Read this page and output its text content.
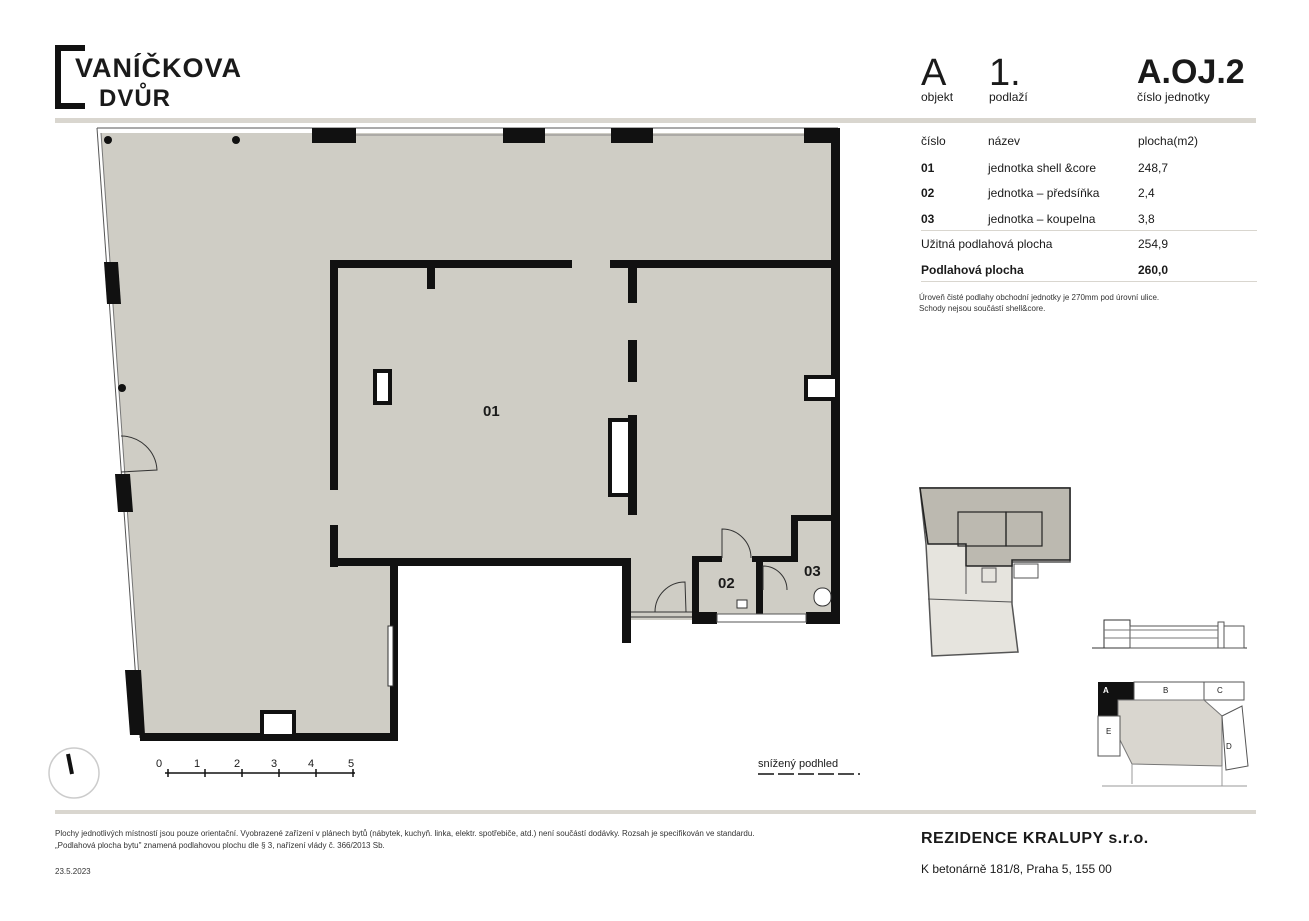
VANÍČKOVA
DVŮR
A
objekt
1.
podlaží
A.OJ.2
číslo jednotky
číslo	název	plocha(m2)
01	jednotka shell &core	248,7
02	jednotka – předsíňka	2,4
03	jednotka – koupelna	3,8
Užitná podlahová plocha	254,9
Podlahová plocha	260,0
Úroveň čisté podlahy obchodní jednotky je 270mm pod úrovní ulice.
Schody nejsou součástí shell&core.
01
02
03
0	1	2	3	4	5	snížený podhled
A	B	C
D
E
Plochy jednotlivých místností jsou pouze orientační. Vyobrazené zařízení v plánech bytů (nábytek, kuchyň. linka, elektr. spotřebiče, atd.) není součástí dodávky. Rozsah je specifikován ve standardu.
„Podlahová plocha bytu" znamená podlahovou plochu dle § 3, nařízení vlády č. 366/2013 Sb.
23.5.2023
REZIDENCE KRALUPY s.r.o.
K betonárně 181/8, Praha 5, 155 00
